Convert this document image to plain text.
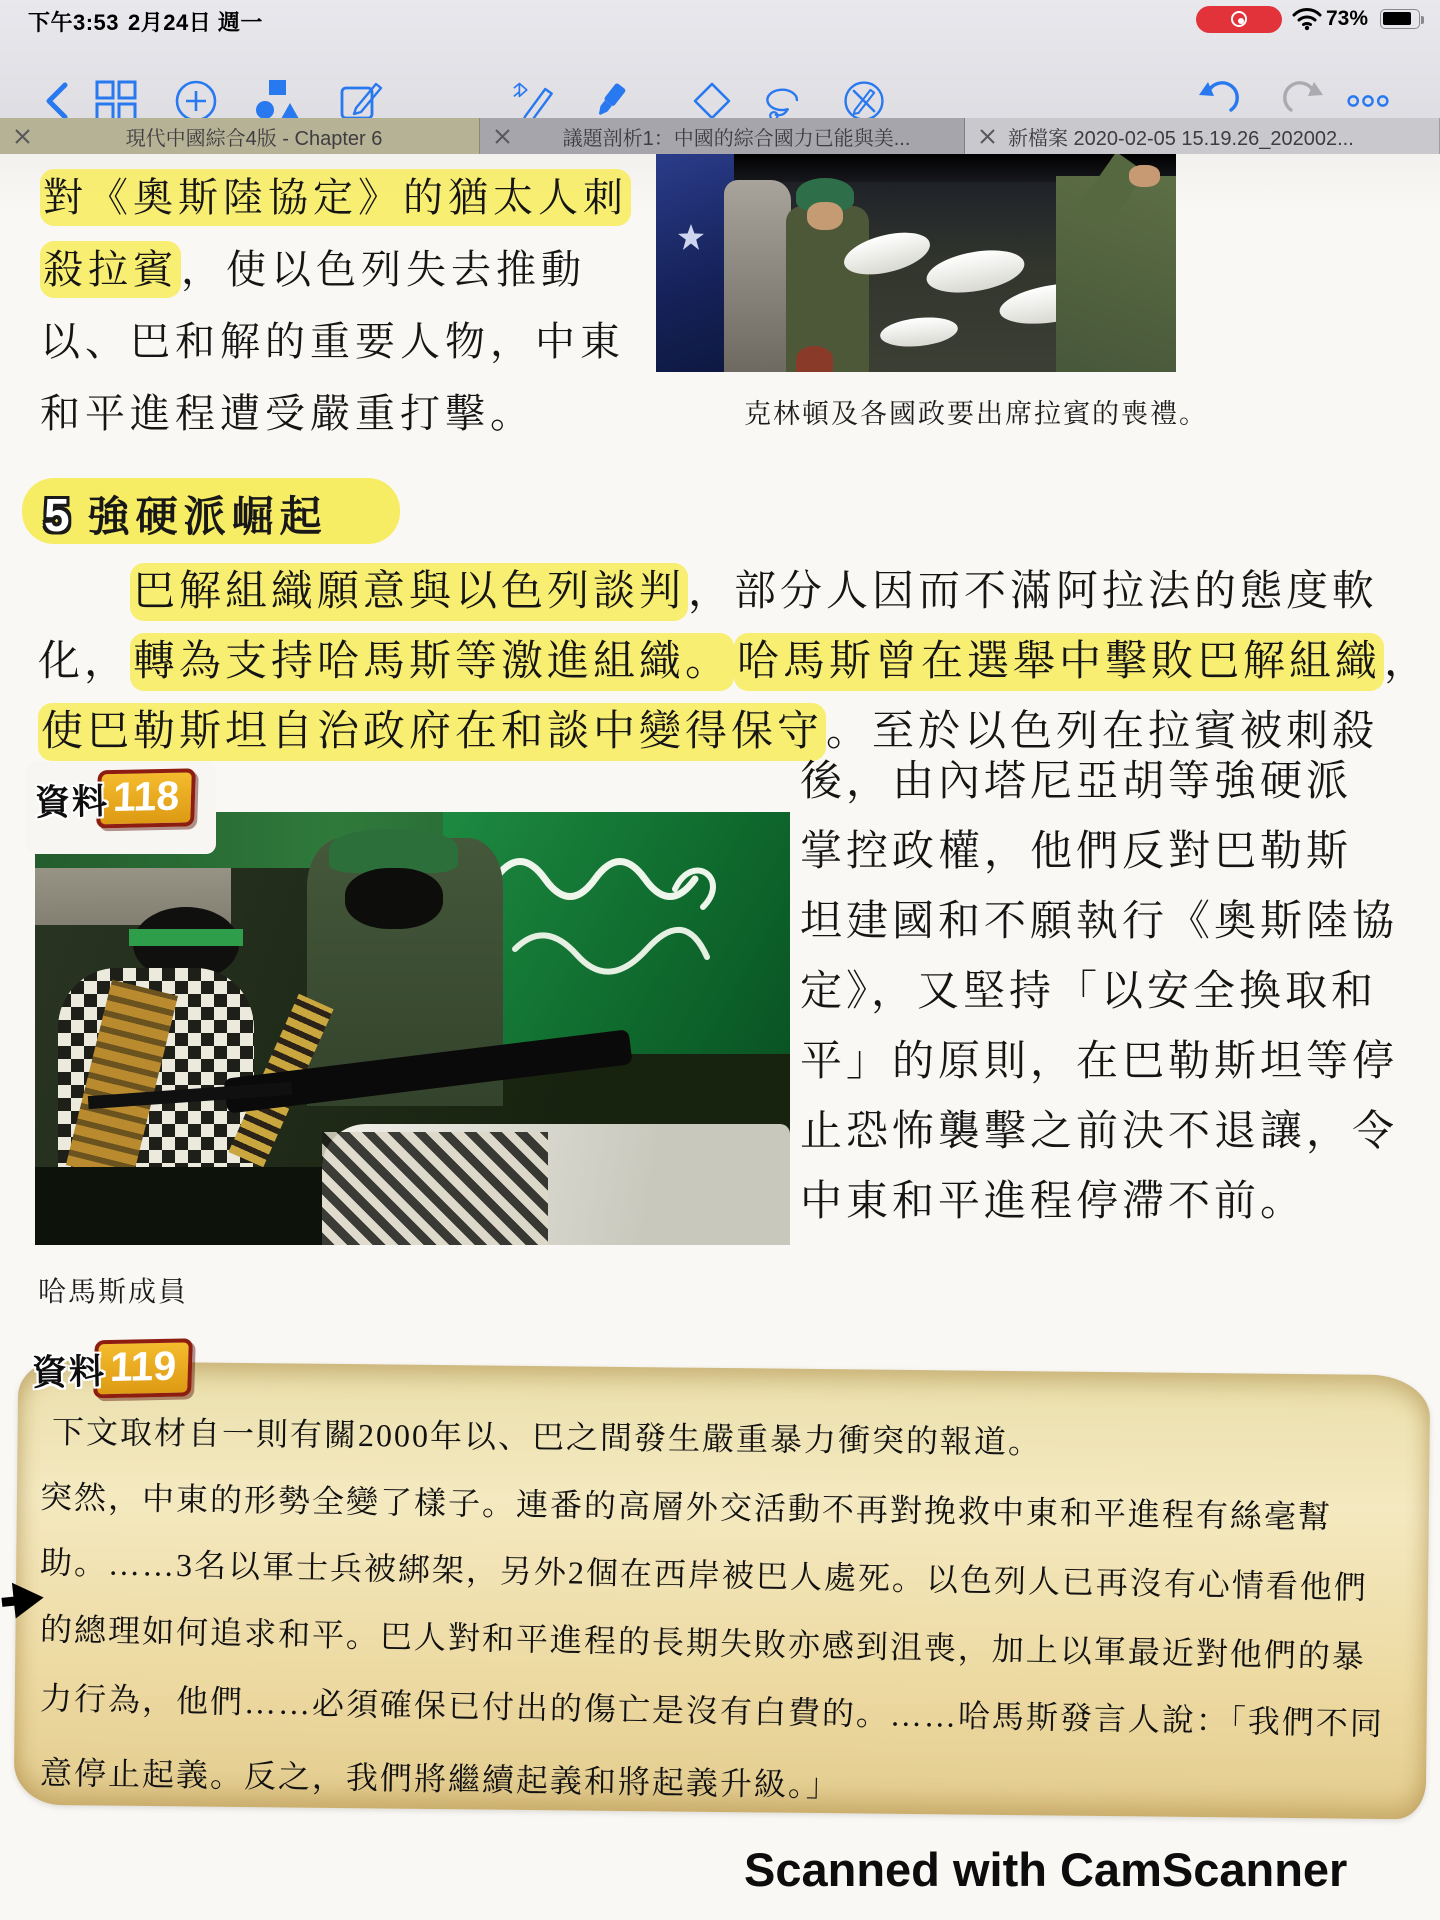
下午3:53 2月24日 週一	73%
現代中國綜合4版 - Chapter 6	議題剖析1：中國的綜合國力已能與美...	新檔案 2020-02-05 15.19.26_202002...
克林頓及各國政要出席拉賓的喪禮。
對《奧斯陸協定》的猶太人刺
殺拉賓，使以色列失去推動
以、巴和解的重要人物，中東
和平進程遭受嚴重打擊。
5 強硬派崛起
巴解組織願意與以色列談判，部分人因而不滿阿拉法的態度軟
化，轉為支持哈馬斯等激進組織。 哈馬斯曾在選舉中擊敗巴解組織，
使巴勒斯坦自治政府在和談中變得保守。至於以色列在拉賓被刺殺
資料 118
哈馬斯成員
後，由內塔尼亞胡等強硬派
掌控政權，他們反對巴勒斯
坦建國和不願執行《奧斯陸協
定》，又堅持「以安全換取和
平」的原則，在巴勒斯坦等停
止恐怖襲擊之前決不退讓，令
中東和平進程停滯不前。
資料 119
下文取材自一則有關2000年以、巴之間發生嚴重暴力衝突的報道。
突然，中東的形勢全變了樣子。連番的高層外交活動不再對挽救中東和平進程有絲毫幫
助。……3名以軍士兵被綁架，另外2個在西岸被巴人處死。以色列人已再沒有心情看他們
的總理如何追求和平。巴人對和平進程的長期失敗亦感到沮喪，加上以軍最近對他們的暴
力行為，他們……必須確保已付出的傷亡是沒有白費的。……哈馬斯發言人說：「我們不同
意停止起義。反之，我們將繼續起義和將起義升級。」
Scanned with CamScanner
